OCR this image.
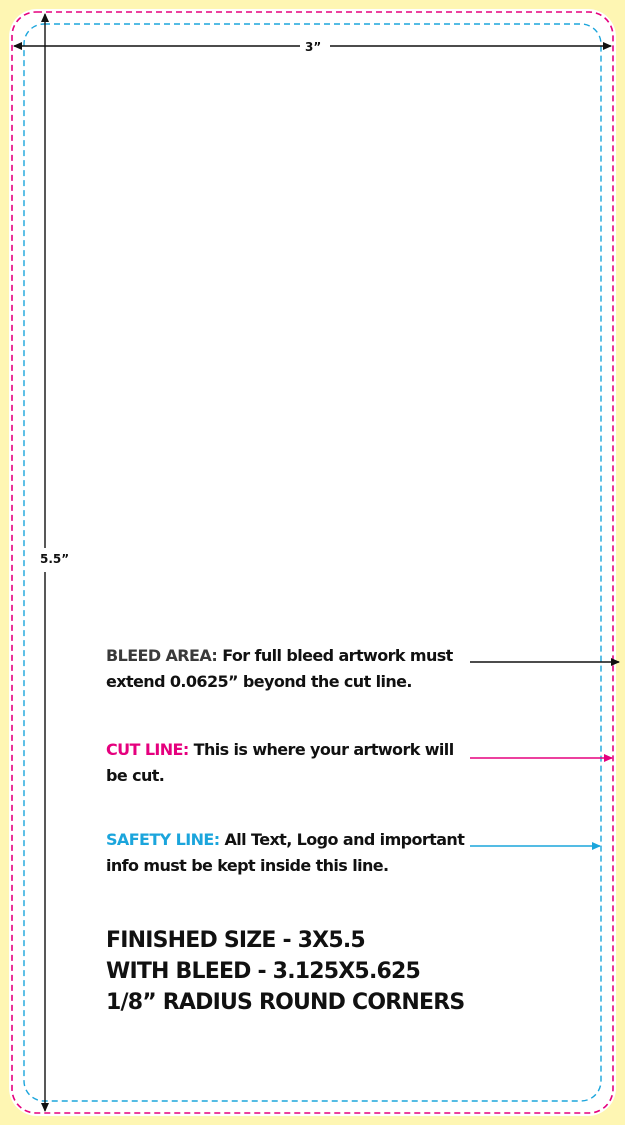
3”
5.5”
BLEED AREA: For full bleed artwork must extend 0.0625” beyond the cut line.
CUT LINE: This is where your artwork will be cut.
SAFETY LINE: All Text, Logo and important info must be kept inside this line.
FINISHED SIZE - 3X5.5
WITH BLEED - 3.125X5.625
1/8” RADIUS ROUND CORNERS
